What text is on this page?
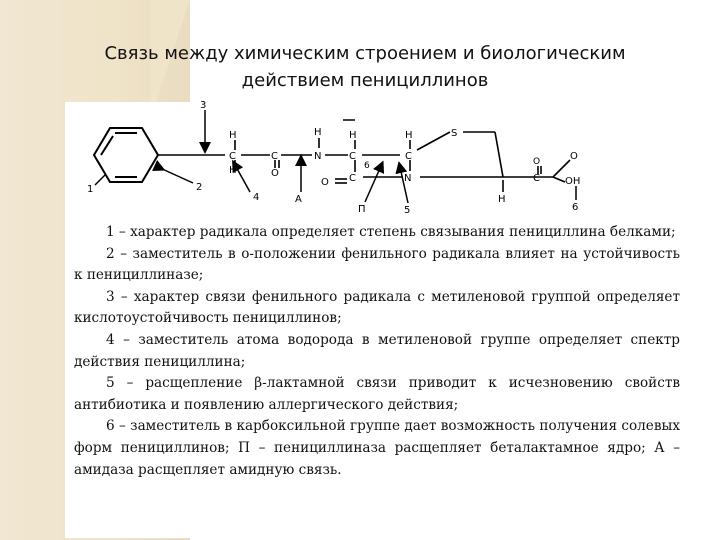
Связь между химическим строением и биологическим
действием пенициллинов
3
1	2
H
C
H
4
C
O
А
H
N
H
C
6
H
C
S
O C	N
П	5
H
C
O	O
OH
6

1 – характер радикала определяет степень связывания пенициллина белками;

2 – заместитель в о-положении фенильного радикала влияет на устойчивость к пенициллиназе;

3 – характер связи фенильного радикала с метиленовой группой определяет кислотоустойчивость пенициллинов;

4 – заместитель атома водорода в метиленовой группе определяет спектр действия пенициллина;

5 – расщепление β-лактамной связи приводит к исчезновению свойств антибиотика и появлению аллергического действия;

6 – заместитель в карбоксильной группе дает возможность получения солевых форм пенициллинов; П – пенициллиназа расщепляет беталактамное ядро; А – амидаза расщепляет амидную связь.
